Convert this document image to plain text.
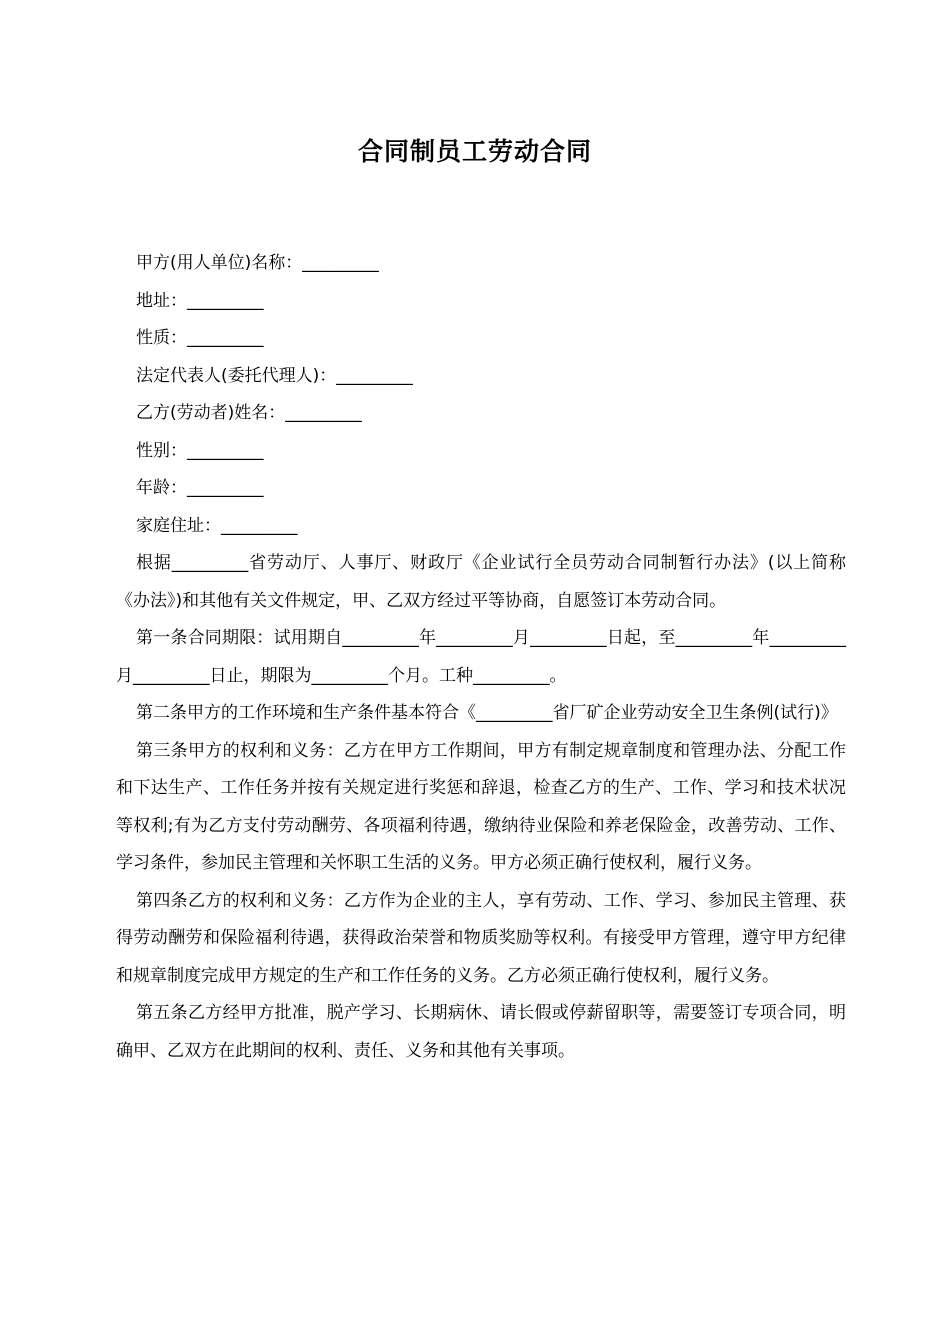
合同制员工劳动合同
甲方(用人单位)名称：_________
地址：_________
性质：_________
法定代表人(委托代理人)：_________
乙方(劳动者)姓名：_________
性别：_________
年龄：_________
家庭住址：_________

根据_________省劳动厅、人事厅、财政厅《企业试行全员劳动合同制暂行办法》(以上简称《办法》)和其他有关文件规定，甲、乙双方经过平等协商，自愿签订本劳动合同。

第一条合同期限：试用期自_________年_________月_________日起，至_________年_________月_________日止，期限为_________个月。工种_________。

第二条甲方的工作环境和生产条件基本符合《_________省厂矿企业劳动安全卫生条例(试行)》

第三条甲方的权利和义务：乙方在甲方工作期间，甲方有制定规章制度和管理办法、分配工作和下达生产、工作任务并按有关规定进行奖惩和辞退，检查乙方的生产、工作、学习和技术状况等权利;有为乙方支付劳动酬劳、各项福利待遇，缴纳待业保险和养老保险金，改善劳动、工作、学习条件，参加民主管理和关怀职工生活的义务。甲方必须正确行使权利，履行义务。

第四条乙方的权利和义务：乙方作为企业的主人，享有劳动、工作、学习、参加民主管理、获得劳动酬劳和保险福利待遇，获得政治荣誉和物质奖励等权利。有接受甲方管理，遵守甲方纪律和规章制度完成甲方规定的生产和工作任务的义务。乙方必须正确行使权利，履行义务。

第五条乙方经甲方批准，脱产学习、长期病休、请长假或停薪留职等，需要签订专项合同，明确甲、乙双方在此期间的权利、责任、义务和其他有关事项。
